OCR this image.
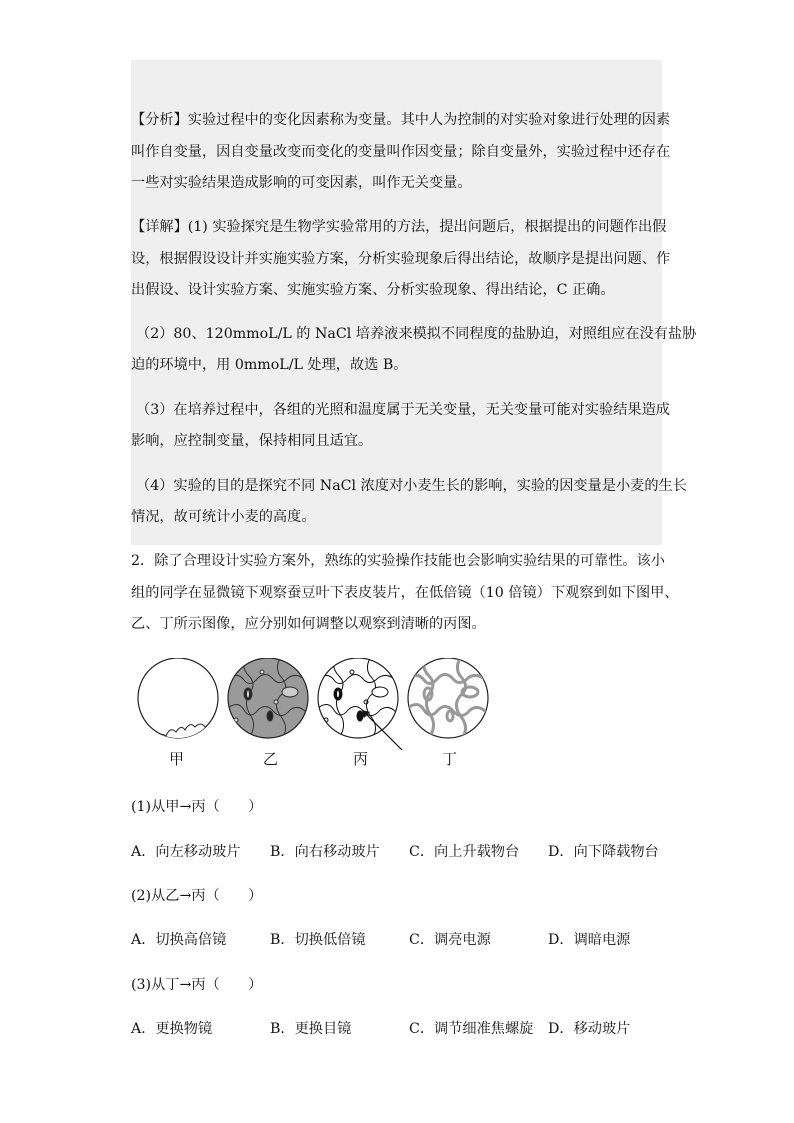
【分析】实验过程中的变化因素称为变量。其中人为控制的对实验对象进行处理的因素
叫作自变量，因自变量改变而变化的变量叫作因变量；除自变量外，实验过程中还存在
一些对实验结果造成影响的可变因素，叫作无关变量。
【详解】(1) 实验探究是生物学实验常用的方法，提出问题后，根据提出的问题作出假
设，根据假设设计并实施实验方案，分析实验现象后得出结论，故顺序是提出问题、作
出假设、设计实验方案、实施实验方案、分析实验现象、得出结论，C 正确。
（2）80、120mmoL/L 的 NaCl 培养液来模拟不同程度的盐胁迫，对照组应在没有盐胁
迫的环境中，用 0mmoL/L 处理，故选 B。
（3）在培养过程中，各组的光照和温度属于无关变量，无关变量可能对实验结果造成
影响，应控制变量，保持相同且适宜。
（4）实验的目的是探究不同 NaCl 浓度对小麦生长的影响，实验的因变量是小麦的生长
情况，故可统计小麦的高度。
2．除了合理设计实验方案外，熟练的实验操作技能也会影响实验结果的可靠性。该小
组的同学在显微镜下观察蚕豆叶下表皮装片，在低倍镜（10 倍镜）下观察到如下图甲、
乙、丁所示图像，应分别如何调整以观察到清晰的丙图。
甲	乙	丙	丁
(1)从甲→丙（　　）
A．向左移动玻片 B．向右移动玻片 C．向上升载物台 D．向下降载物台
(2)从乙→丙（　　）
A．切换高倍镜	B．切换低倍镜	C．调亮电源	D．调暗电源
(3)从丁→丙（　　）
A．更换物镜	B．更换目镜	C．调节细准焦螺旋 D．移动玻片
